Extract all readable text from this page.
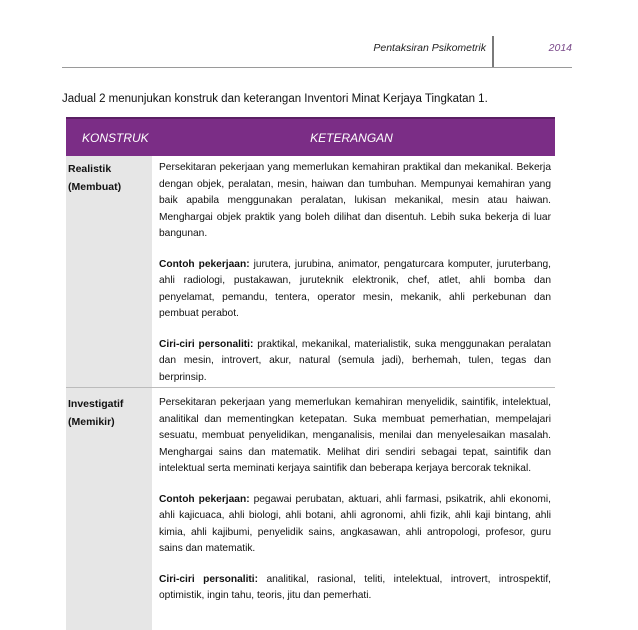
Pentaksiran Psikometrik	2014
Jadual 2 menunjukan konstruk dan keterangan Inventori Minat Kerjaya Tingkatan 1.
KONSTRUK	KETERANGAN
Realistik
(Membuat)

Persekitaran pekerjaan yang memerlukan kemahiran praktikal dan mekanikal. Bekerja dengan objek, peralatan, mesin, haiwan dan tumbuhan. Mempunyai kemahiran yang baik apabila menggunakan peralatan, lukisan mekanikal, mesin atau haiwan. Menghargai objek praktik yang boleh dilihat dan disentuh. Lebih suka bekerja di luar bangunan.

Contoh pekerjaan: jurutera, jurubina, animator, pengaturcara komputer, juruterbang, ahli radiologi, pustakawan, juruteknik elektronik, chef, atlet, ahli bomba dan penyelamat, pemandu, tentera, operator mesin, mekanik, ahli perkebunan dan pembuat perabot.

Ciri-ciri personaliti: praktikal, mekanikal, materialistik, suka menggunakan peralatan dan mesin, introvert, akur, natural (semula jadi), berhemah, tulen, tegas dan berprinsip.

Investigatif
(Memikir)

Persekitaran pekerjaan yang memerlukan kemahiran menyelidik, saintifik, intelektual, analitikal dan mementingkan ketepatan. Suka membuat pemerhatian, mempelajari sesuatu, membuat penyelidikan, menganalisis, menilai dan menyelesaikan masalah. Menghargai sains dan matematik. Melihat diri sendiri sebagai tepat, saintifik dan intelektual serta meminati kerjaya saintifik dan beberapa kerjaya bercorak teknikal.

Contoh pekerjaan: pegawai perubatan, aktuari, ahli farmasi, psikatrik, ahli ekonomi, ahli kajicuaca, ahli biologi, ahli botani, ahli agronomi, ahli fizik, ahli kaji bintang, ahli kimia, ahli kajibumi, penyelidik sains, angkasawan, ahli antropologi, profesor, guru sains dan matematik.

Ciri-ciri personaliti: analitikal, rasional, teliti, intelektual, introvert, introspektif, optimistik, ingin tahu, teoris, jitu dan pemerhati.
